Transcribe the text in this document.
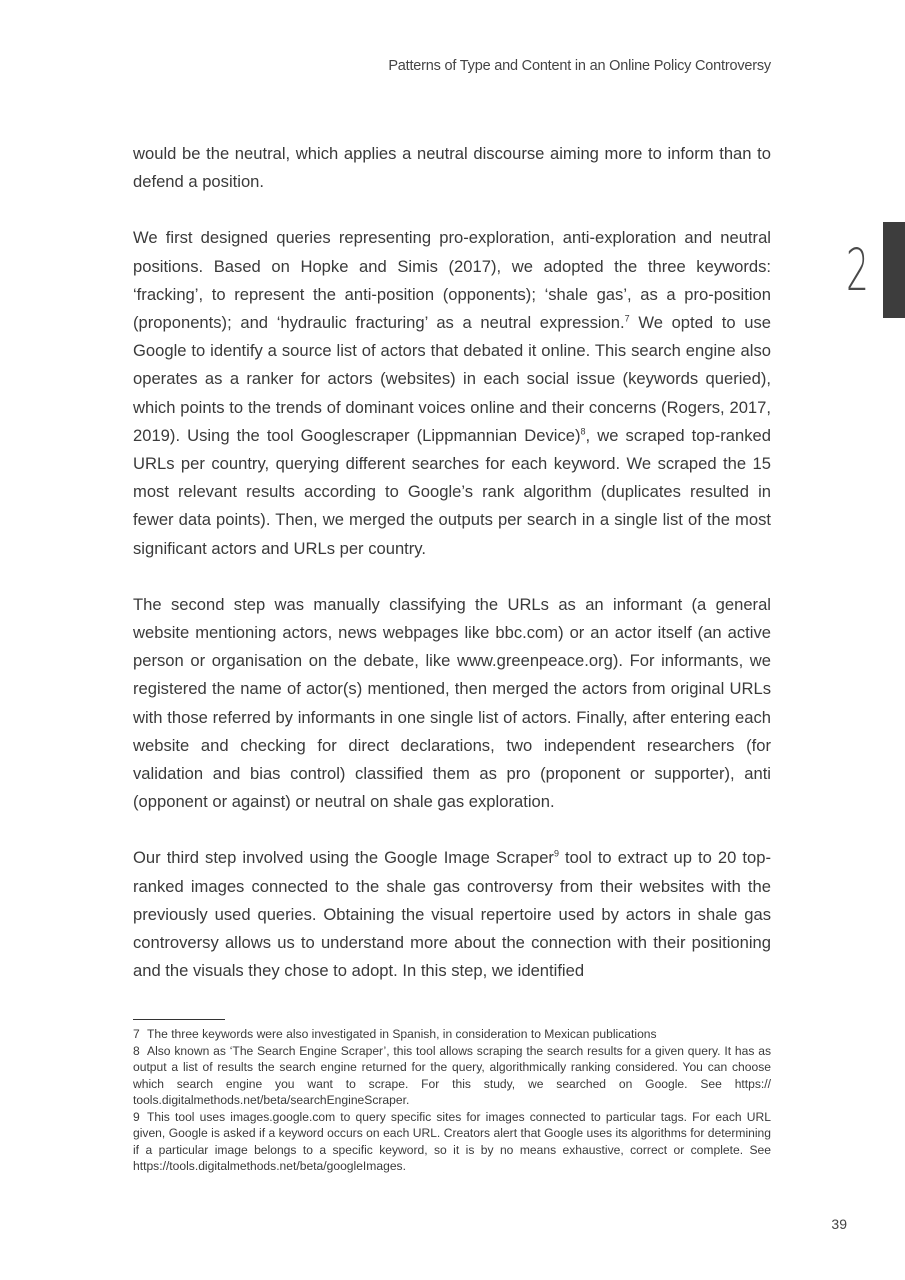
Patterns of Type and Content in an Online Policy Controversy
2

would be the neutral, which applies a neutral discourse aiming more to inform than to defend a position.

We first designed queries representing pro-exploration, anti-exploration and neutral positions. Based on Hopke and Simis (2017), we adopted the three keywords: ‘fracking’, to represent the anti-position (opponents); ‘shale gas’, as a pro-position (proponents); and ‘hydraulic fracturing’ as a neutral expression.$^7$ We opted to use Google to identify a source list of actors that debated it online. This search engine also operates as a ranker for actors (websites) in each social issue (keywords queried), which points to the trends of dominant voices online and their concerns (Rogers, 2017, 2019). Using the tool Googlescraper (Lippmannian Device)$^8$, we scraped top-ranked URLs per country, querying different searches for each keyword. We scraped the 15 most relevant results according to Google’s rank algorithm (duplicates resulted in fewer data points). Then, we merged the outputs per search in a single list of the most significant actors and URLs per country.

The second step was manually classifying the URLs as an informant (a general website mentioning actors, news webpages like bbc.com) or an actor itself (an active person or organisation on the debate, like www.greenpeace.org). For informants, we registered the name of actor(s) mentioned, then merged the actors from original URLs with those referred by informants in one single list of actors. Finally, after entering each website and checking for direct declarations, two independent researchers (for validation and bias control) classified them as pro (proponent or supporter), anti (opponent or against) or neutral on shale gas exploration.

Our third step involved using the Google Image Scraper$^9$ tool to extract up to 20 top-ranked images connected to the shale gas controversy from their websites with the previously used queries. Obtaining the visual repertoire used by actors in shale gas controversy allows us to understand more about the connection with their positioning and the visuals they chose to adopt. In this step, we identified

7 The three keywords were also investigated in Spanish, in consideration to Mexican publications

8 Also known as ‘The Search Engine Scraper’, this tool allows scraping the search results for a given query. It has as output a list of results the search engine returned for the query, algorithmically ranking considered. You can choose which search engine you want to scrape. For this study, we searched on Google. See https:// tools.digitalmethods.net/beta/searchEngineScraper.

9 This tool uses images.google.com to query specific sites for images connected to particular tags. For each URL given, Google is asked if a keyword occurs on each URL. Creators alert that Google uses its algorithms for determining if a particular image belongs to a specific keyword, so it is by no means exhaustive, correct or complete. See https://tools.digitalmethods.net/beta/googleImages.

39
